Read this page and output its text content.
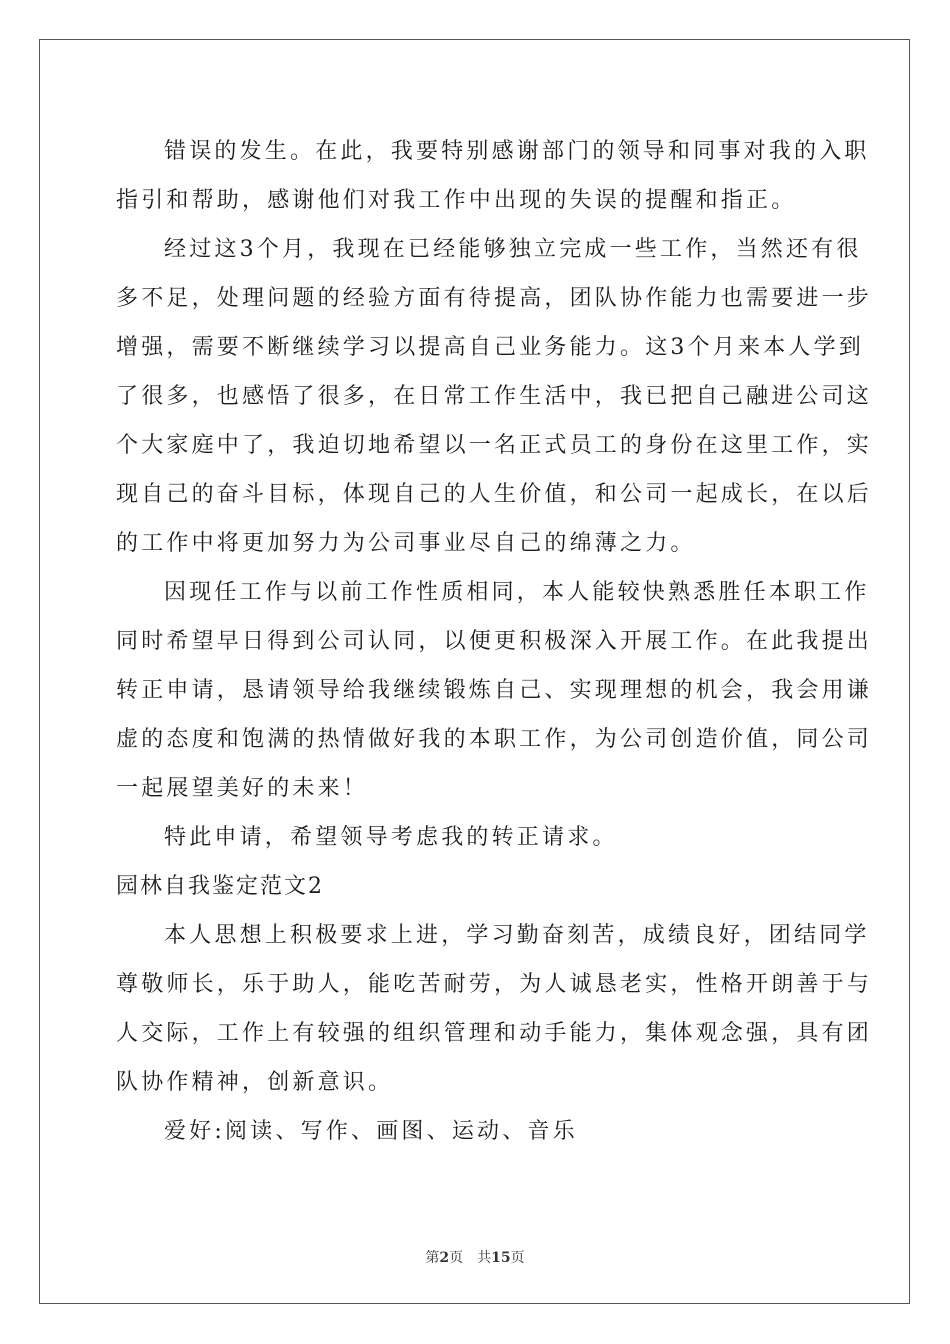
错误的发生。在此，我要特别感谢部门的领导和同事对我的入职
指引和帮助，感谢他们对我工作中出现的失误的提醒和指正。
经过这3个月，我现在已经能够独立完成一些工作，当然还有很
多不足，处理问题的经验方面有待提高，团队协作能力也需要进一步
增强，需要不断继续学习以提高自己业务能力。这3个月来本人学到
了很多，也感悟了很多，在日常工作生活中，我已把自己融进公司这
个大家庭中了，我迫切地希望以一名正式员工的身份在这里工作，实
现自己的奋斗目标，体现自己的人生价值，和公司一起成长，在以后
的工作中将更加努力为公司事业尽自己的绵薄之力。
因现任工作与以前工作性质相同，本人能较快熟悉胜任本职工作
同时希望早日得到公司认同，以便更积极深入开展工作。在此我提出
转正申请，恳请领导给我继续锻炼自己、实现理想的机会，我会用谦
虚的态度和饱满的热情做好我的本职工作，为公司创造价值，同公司
一起展望美好的未来！
特此申请，希望领导考虑我的转正请求。
园林自我鉴定范文2
本人思想上积极要求上进，学习勤奋刻苦，成绩良好，团结同学
尊敬师长，乐于助人，能吃苦耐劳，为人诚恳老实，性格开朗善于与
人交际，工作上有较强的组织管理和动手能力，集体观念强，具有团
队协作精神，创新意识。
爱好:阅读、写作、画图、运动、音乐
第2页 共15页
